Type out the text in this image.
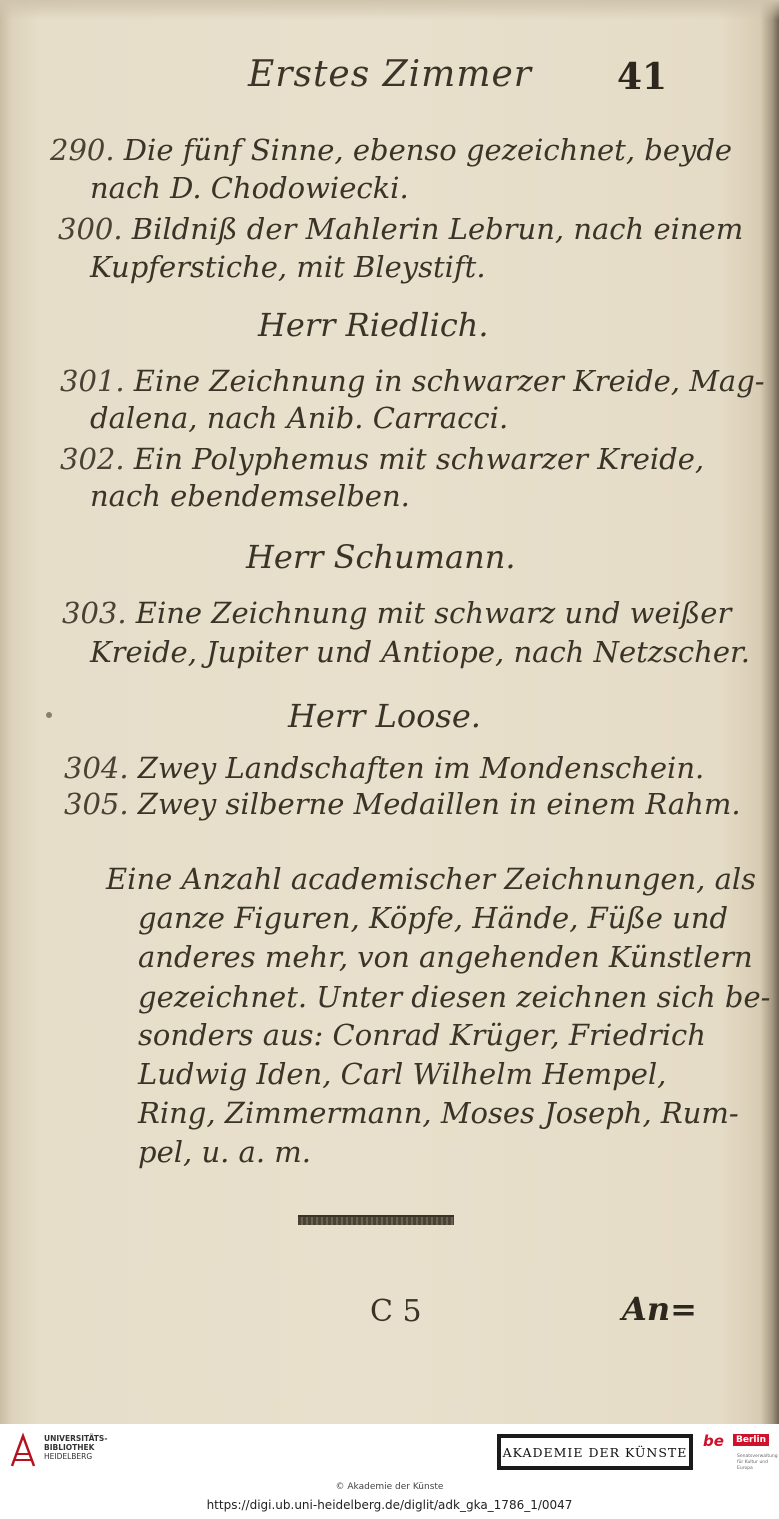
Erstes Zimmer 41
290. Die fünf Sinne, ebenso gezeichnet, beyde
nach D. Chodowiecki.
300. Bildniß der Mahlerin Lebrun, nach einem
Kupferstiche, mit Bleystift.
Herr Riedlich.
301. Eine Zeichnung in schwarzer Kreide, Mag-
dalena, nach Anib. Carracci.
302. Ein Polyphemus mit schwarzer Kreide,
nach ebendemselben.
Herr Schumann.
303. Eine Zeichnung mit schwarz und weißer
Kreide, Jupiter und Antiope, nach Netzscher.
Herr Loose.
304. Zwey Landschaften im Mondenschein.
305. Zwey silberne Medaillen in einem Rahm.
Eine Anzahl academischer Zeichnungen, als
ganze Figuren, Köpfe, Hände, Füße und
anderes mehr, von angehenden Künstlern
gezeichnet. Unter diesen zeichnen sich be-
sonders aus: Conrad Krüger, Friedrich
Ludwig Iden, Carl Wilhelm Hempel,
Ring, Zimmermann, Moses Joseph, Rum-
pel, u. a. m.
C 5	An=
UNIVERSITÄTS-
BIBLIOTHEK
HEIDELBERG	AKADEMIE DER KÜNSTE
be	Berlin
Senatsverwaltung für Kultur und Europa
© Akademie der Künste
https://digi.ub.uni-heidelberg.de/diglit/adk_gka_1786_1/0047
